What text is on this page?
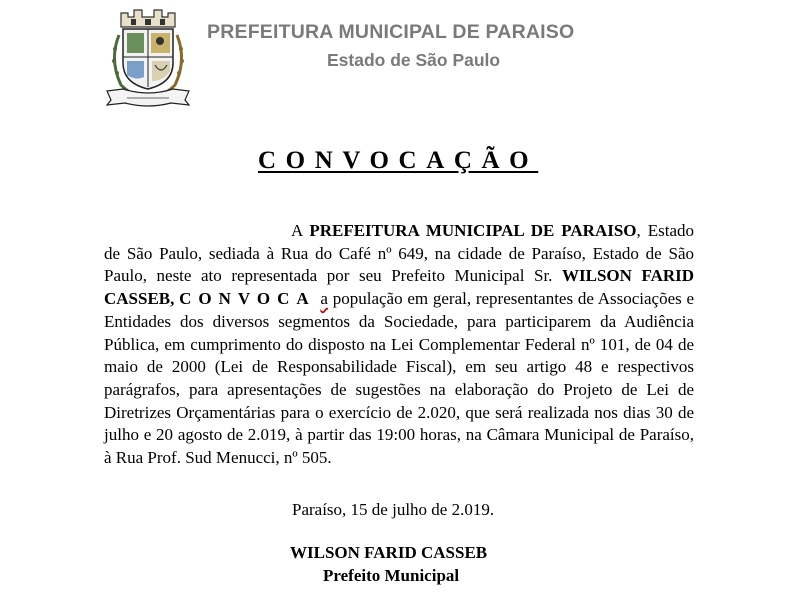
PREFEITURA MUNICIPAL DE PARAISO
Estado de São Paulo
CONVOCAÇÃO

A PREFEITURA MUNICIPAL DE PARAISO, Estado de São Paulo, sediada à Rua do Café nº 649, na cidade de Paraíso, Estado de São Paulo, neste ato representada por seu Prefeito Municipal Sr. WILSON FARID CASSEB, CONVOCA a população em geral, representantes de Associações e Entidades dos diversos segmentos da Sociedade, para participarem da Audiência Pública, em cumprimento do disposto na Lei Complementar Federal nº 101, de 04 de maio de 2000 (Lei de Responsabilidade Fiscal), em seu artigo 48 e respectivos parágrafos, para apresentações de sugestões na elaboração do Projeto de Lei de Diretrizes Orçamentárias para o exercício de 2.020, que será realizada nos dias 30 de julho e 20 agosto de 2.019, à partir das 19:00 horas, na Câmara Municipal de Paraíso, à Rua Prof. Sud Menucci, nº 505.

Paraíso, 15 de julho de 2.019.
WILSON FARID CASSEB
Prefeito Municipal
